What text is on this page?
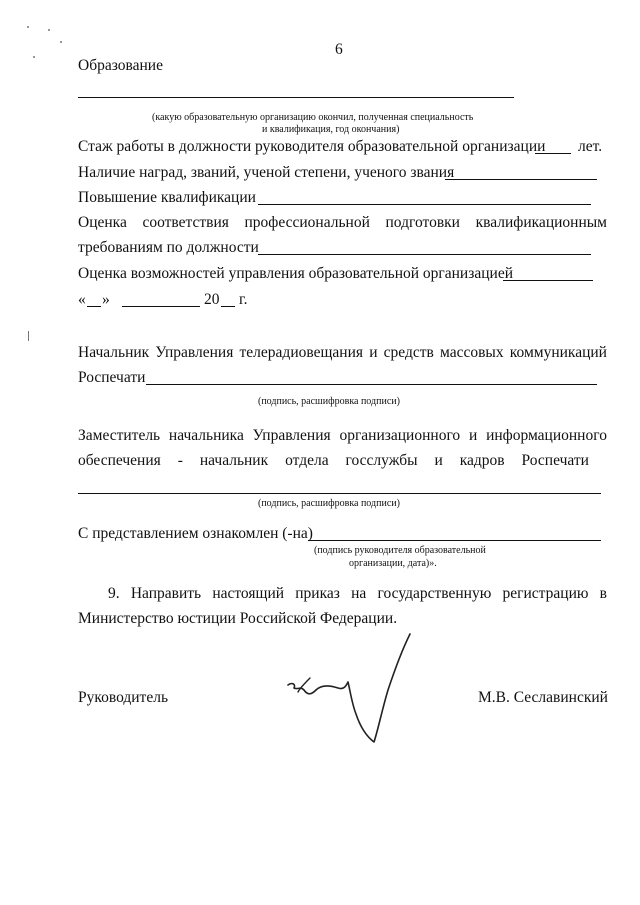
6
Образование
(какую образовательную организацию окончил, полученная специальность
и квалификация, год окончания)
Стаж работы в должности руководителя образовательной организации лет.
Наличие наград, званий, ученой степени, ученого звания
Повышение квалификации
Оценка соответствия профессиональной подготовки квалификационным
требованиям по должности
Оценка возможностей управления образовательной организацией
« »	20 г.
Начальник Управления телерадиовещания и средств массовых коммуникаций
Роспечати
(подпись, расшифровка подписи)
Заместитель начальника Управления организационного и информационного
обеспечения - начальник отдела госслужбы и кадров Роспечати
(подпись, расшифровка подписи)
С представлением ознакомлен (-на)
(подпись руководителя образовательной
организации, дата)».
9. Направить настоящий приказ на государственную регистрацию в
Министерство юстиции Российской Федерации.
Руководитель	М.В. Сеславинский
